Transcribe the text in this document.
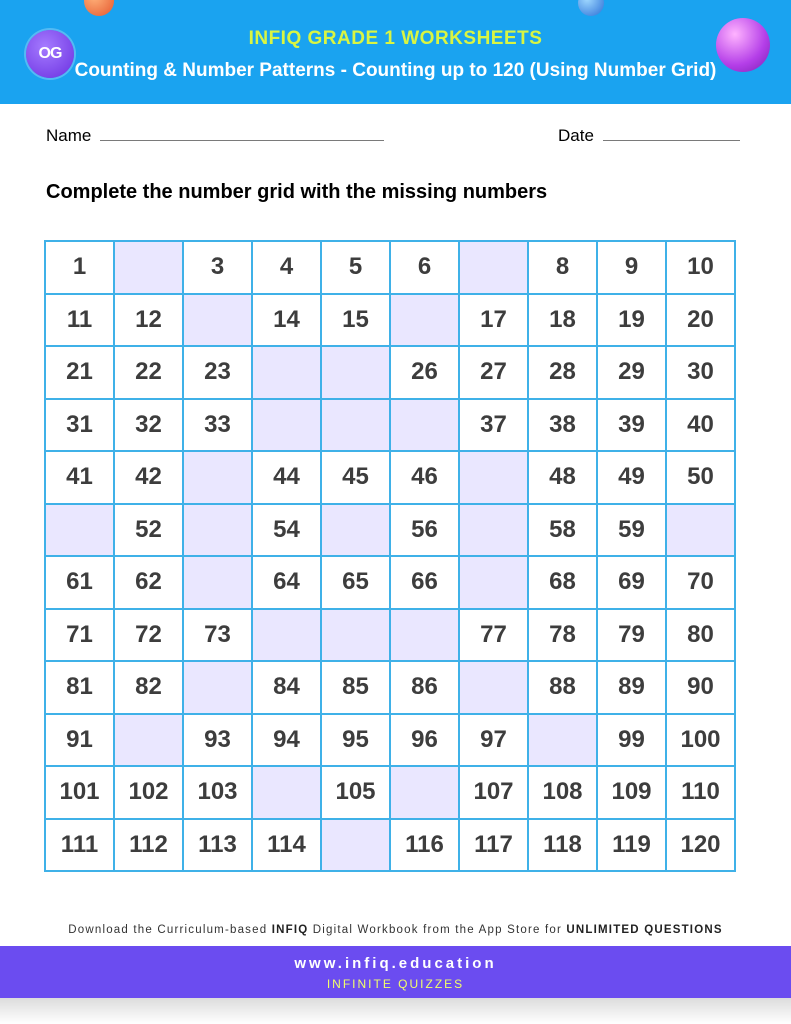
OG
INFIQ GRADE 1 WORKSHEETS
Counting & Number Patterns - Counting up to 120 (Using Number Grid)
Name	Date
Complete the number grid with the missing numbers
1		3	4	5	6		8	9	10
11	12		14	15		17	18	19	20
21	22	23			26	27	28	29	30
31	32	33				37	38	39	40
41	42		44	45	46		48	49	50
	52		54		56		58	59	
61	62		64	65	66		68	69	70
71	72	73				77	78	79	80
81	82		84	85	86		88	89	90
91		93	94	95	96	97		99	100
101	102	103		105		107	108	109	110
111	112	113	114		116	117	118	119	120
Download the Curriculum-based INFIQ Digital Workbook from the App Store for UNLIMITED QUESTIONS
www.infiq.education
INFINITE QUIZZES
